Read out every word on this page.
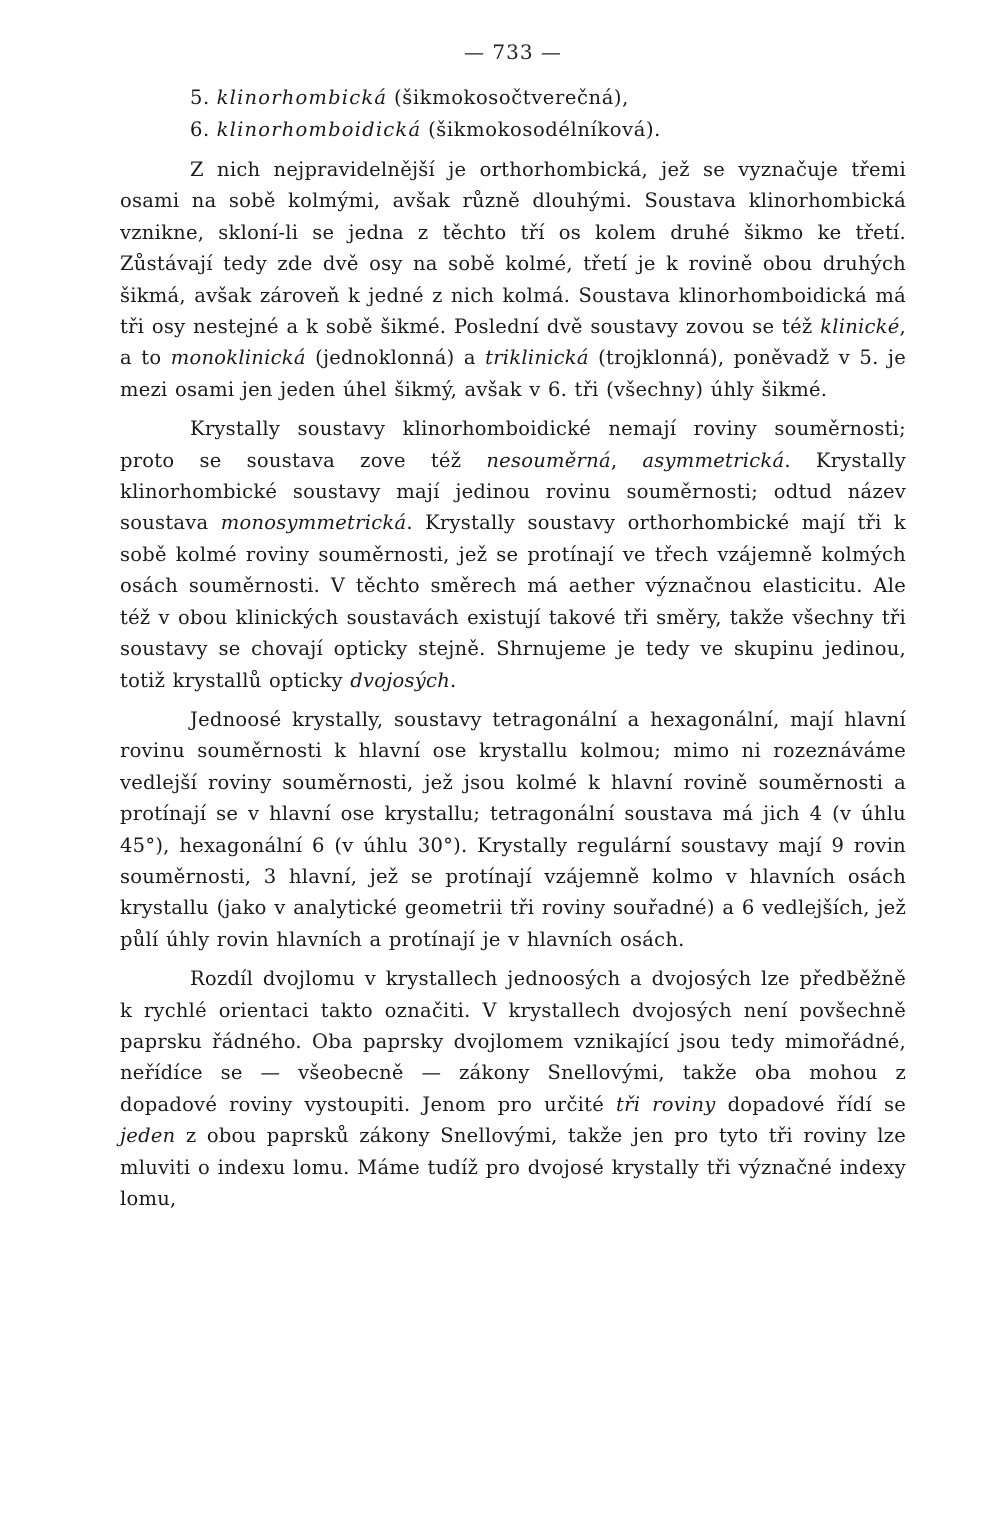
— 733 —
5. klinorhombická (šikmokosočtverečná),
6. klinorhomboidická (šikmokosodélníková).

Z nich nejpravidelnější je orthorhombická, jež se vyznačuje třemi osami na sobě kolmými, avšak různě dlouhými. Soustava klinorhombická vznikne, skloní-li se jedna z těchto tří os kolem druhé šikmo ke třetí. Zůstávají tedy zde dvě osy na sobě kolmé, třetí je k rovině obou druhých šikmá, avšak zároveň k jedné z nich kolmá. Soustava klinorhomboidická má tři osy nestejné a k sobě šikmé. Poslední dvě soustavy zovou se též klinické, a to monoklinická (jednoklonná) a triklinická (trojklonná), poněvadž v 5. je mezi osami jen jeden úhel šikmý, avšak v 6. tři (všechny) úhly šikmé.

Krystally soustavy klinorhomboidické nemají roviny souměrnosti; proto se soustava zove též nesouměrná, asymmetrická. Krystally klinorhombické soustavy mají jedinou rovinu souměrnosti; odtud název soustava monosymmetrická. Krystally soustavy orthorhombické mají tři k sobě kolmé roviny souměrnosti, jež se protínají ve třech vzájemně kolmých osách souměrnosti. V těchto směrech má aether význačnou elasticitu. Ale též v obou klinických soustavách existují takové tři směry, takže všechny tři soustavy se chovají opticky stejně. Shrnujeme je tedy ve skupinu jedinou, totiž krystallů opticky dvojosých.

Jednoosé krystally, soustavy tetragonální a hexagonální, mají hlavní rovinu souměrnosti k hlavní ose krystallu kolmou; mimo ni rozeznáváme vedlejší roviny souměrnosti, jež jsou kolmé k hlavní rovině souměrnosti a protínají se v hlavní ose krystallu; tetragonální soustava má jich 4 (v úhlu 45°), hexagonální 6 (v úhlu 30°). Krystally regulární soustavy mají 9 rovin souměrnosti, 3 hlavní, jež se protínají vzájemně kolmo v hlavních osách krystallu (jako v analytické geometrii tři roviny souřadné) a 6 vedlejších, jež půlí úhly rovin hlavních a protínají je v hlavních osách.

Rozdíl dvojlomu v krystallech jednoosých a dvojosých lze předběžně k rychlé orientaci takto označiti. V krystallech dvojosých není povšechně paprsku řádného. Oba paprsky dvojlomem vznikající jsou tedy mimořádné, neřídíce se — všeobecně — zákony Snellovými, takže oba mohou z dopadové roviny vystoupiti. Jenom pro určité tři roviny dopadové řídí se jeden z obou paprsků zákony Snellovými, takže jen pro tyto tři roviny lze mluviti o indexu lomu. Máme tudíž pro dvojosé krystally tři význačné indexy lomu,
